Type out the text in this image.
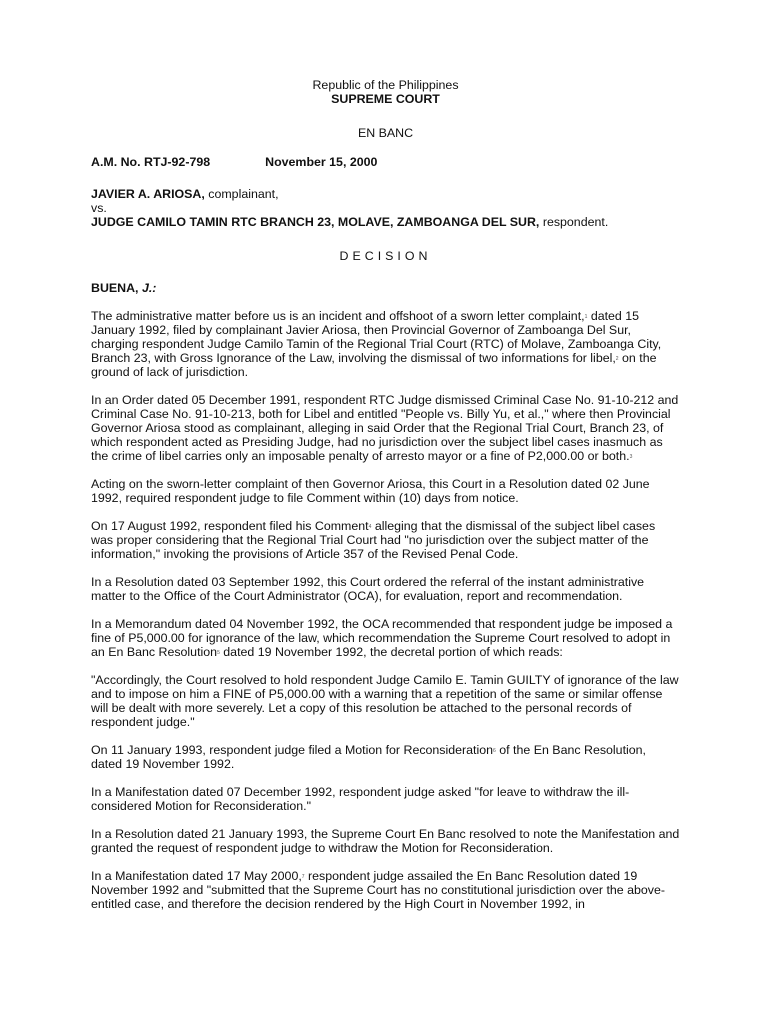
Republic of the Philippines
SUPREME COURT
EN BANC
A.M. No. RTJ-92-798	November 15, 2000
JAVIER A. ARIOSA, complainant,
vs.
JUDGE CAMILO TAMIN RTC BRANCH 23, MOLAVE, ZAMBOANGA DEL SUR, respondent.
DECISION
BUENA, J.:

The administrative matter before us is an incident and offshoot of a sworn letter complaint,$^1$ dated 15 January 1992, filed by complainant Javier Ariosa, then Provincial Governor of Zamboanga Del Sur, charging respondent Judge Camilo Tamin of the Regional Trial Court (RTC) of Molave, Zamboanga City, Branch 23, with Gross Ignorance of the Law, involving the dismissal of two informations for libel,$^2$ on the ground of lack of jurisdiction.

In an Order dated 05 December 1991, respondent RTC Judge dismissed Criminal Case No. 91-10-212 and Criminal Case No. 91-10-213, both for Libel and entitled "People vs. Billy Yu, et al.," where then Provincial Governor Ariosa stood as complainant, alleging in said Order that the Regional Trial Court, Branch 23, of which respondent acted as Presiding Judge, had no jurisdiction over the subject libel cases inasmuch as the crime of libel carries only an imposable penalty of arresto mayor or a fine of P2,000.00 or both.$^3$

Acting on the sworn-letter complaint of then Governor Ariosa, this Court in a Resolution dated 02 June 1992, required respondent judge to file Comment within (10) days from notice.

On 17 August 1992, respondent filed his Comment$^4$ alleging that the dismissal of the subject libel cases was proper considering that the Regional Trial Court had "no jurisdiction over the subject matter of the information," invoking the provisions of Article 357 of the Revised Penal Code.

In a Resolution dated 03 September 1992, this Court ordered the referral of the instant administrative matter to the Office of the Court Administrator (OCA), for evaluation, report and recommendation.

In a Memorandum dated 04 November 1992, the OCA recommended that respondent judge be imposed a fine of P5,000.00 for ignorance of the law, which recommendation the Supreme Court resolved to adopt in an En Banc Resolution$^5$ dated 19 November 1992, the decretal portion of which reads:

"Accordingly, the Court resolved to hold respondent Judge Camilo E. Tamin GUILTY of ignorance of the law and to impose on him a FINE of P5,000.00 with a warning that a repetition of the same or similar offense will be dealt with more severely. Let a copy of this resolution be attached to the personal records of respondent judge."

On 11 January 1993, respondent judge filed a Motion for Reconsideration$^6$ of the En Banc Resolution, dated 19 November 1992.

In a Manifestation dated 07 December 1992, respondent judge asked "for leave to withdraw the ill-considered Motion for Reconsideration."

In a Resolution dated 21 January 1993, the Supreme Court En Banc resolved to note the Manifestation and granted the request of respondent judge to withdraw the Motion for Reconsideration.

In a Manifestation dated 17 May 2000,$^7$ respondent judge assailed the En Banc Resolution dated 19 November 1992 and "submitted that the Supreme Court has no constitutional jurisdiction over the above-entitled case, and therefore the decision rendered by the High Court in November 1992, in
